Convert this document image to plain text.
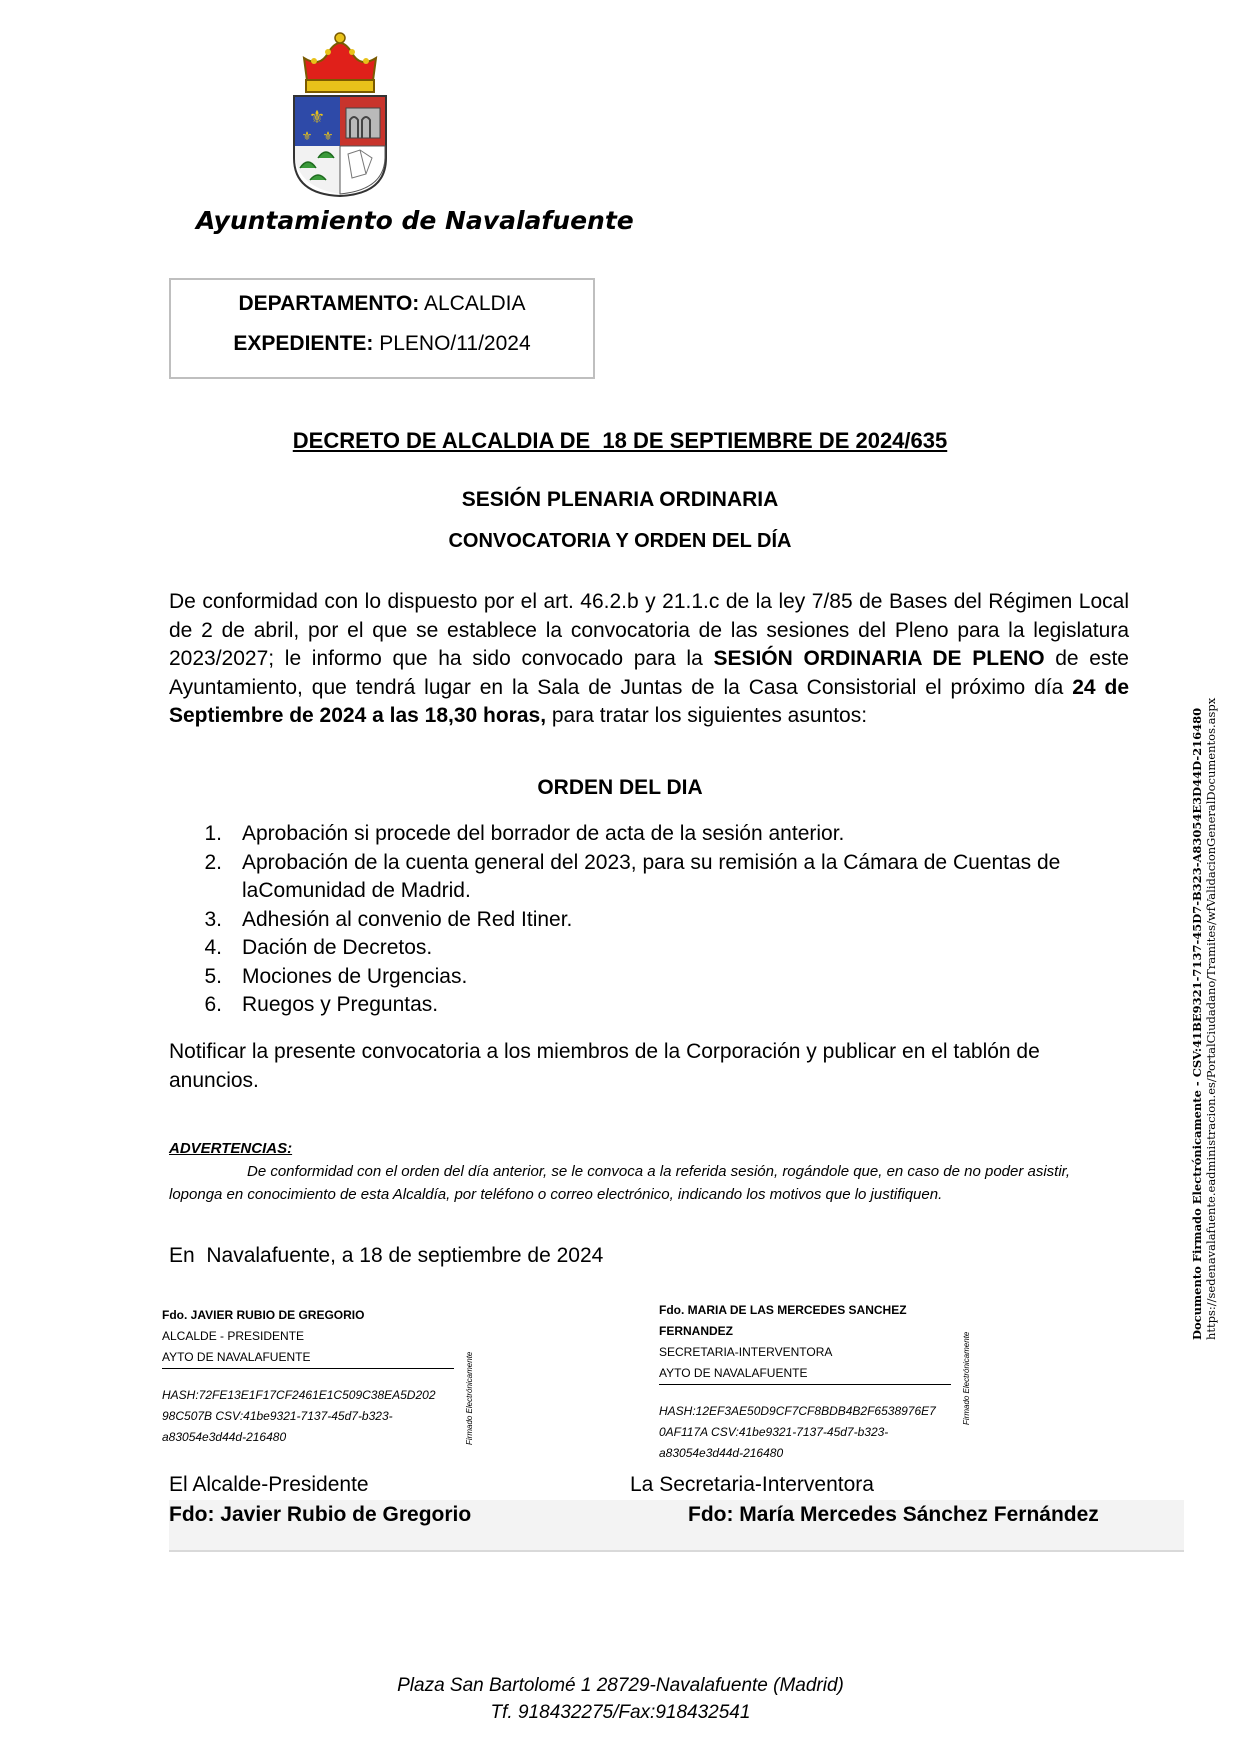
⚜
⚜ ⚜
Ayuntamiento de Navalafuente
DEPARTAMENTO: ALCALDIA
EXPEDIENTE: PLENO/11/2024
DECRETO DE ALCALDIA DE  18 DE SEPTIEMBRE DE 2024/635
SESIÓN PLENARIA ORDINARIA
CONVOCATORIA Y ORDEN DEL DÍA
De conformidad con lo dispuesto por el art. 46.2.b y 21.1.c de la ley 7/85 de Bases del Régimen Local de 2 de abril, por el que se establece la convocatoria de las sesiones del Pleno para la legislatura 2023/2027; le informo que ha sido convocado para la SESIÓN ORDINARIA DE PLENO de este Ayuntamiento, que tendrá lugar en la Sala de Juntas de la Casa Consistorial el próximo día 24 de Septiembre de 2024 a las 18,30 horas, para tratar los siguientes asuntos:
ORDEN DEL DIA
1. Aprobación si procede del borrador de acta de la sesión anterior.
2. Aprobación de la cuenta general del 2023, para su remisión a la Cámara de Cuentas de laComunidad de Madrid.
3. Adhesión al convenio de Red Itiner.
4. Dación de Decretos.
5. Mociones de Urgencias.
6. Ruegos y Preguntas.
Notificar la presente convocatoria a los miembros de la Corporación y publicar en el tablón de anuncios.
ADVERTENCIAS:
De conformidad con el orden del día anterior, se le convoca a la referida sesión, rogándole que, en caso de no poder asistir, loponga en conocimiento de esta Alcaldía, por teléfono o correo electrónico, indicando los motivos que lo justifiquen.
En  Navalafuente, a 18 de septiembre de 2024
Fdo. JAVIER RUBIO DE GREGORIO
ALCALDE - PRESIDENTE
AYTO DE NAVALAFUENTE
HASH:72FE13E1F17CF2461E1C509C38EA5D202
98C507B CSV:41be9321-7137-45d7-b323-
a83054e3d44d-216480	Firmado Electrónicamente
Fdo. MARIA DE LAS MERCEDES SANCHEZ FERNANDEZ
SECRETARIA-INTERVENTORA
AYTO DE NAVALAFUENTE
HASH:12EF3AE50D9CF7CF8BDB4B2F6538976E7
0AF117A CSV:41be9321-7137-45d7-b323-
a83054e3d44d-216480
Firmado Electrónicamente
El Alcalde-Presidente	La Secretaria-Interventora
Fdo: Javier Rubio de Gregorio	Fdo: María Mercedes Sánchez Fernández
Plaza San Bartolomé 1 28729-Navalafuente (Madrid)
Tf. 918432275/Fax:918432541
Documento Firmado Electrónicamente - CSV:41BE9321-7137-45D7-B323-A83054E3D44D-216480 https://sedenavalafuente.eadministracion.es/PortalCiudadano/Tramites/wfValidacionGeneralDocumentos.aspx
